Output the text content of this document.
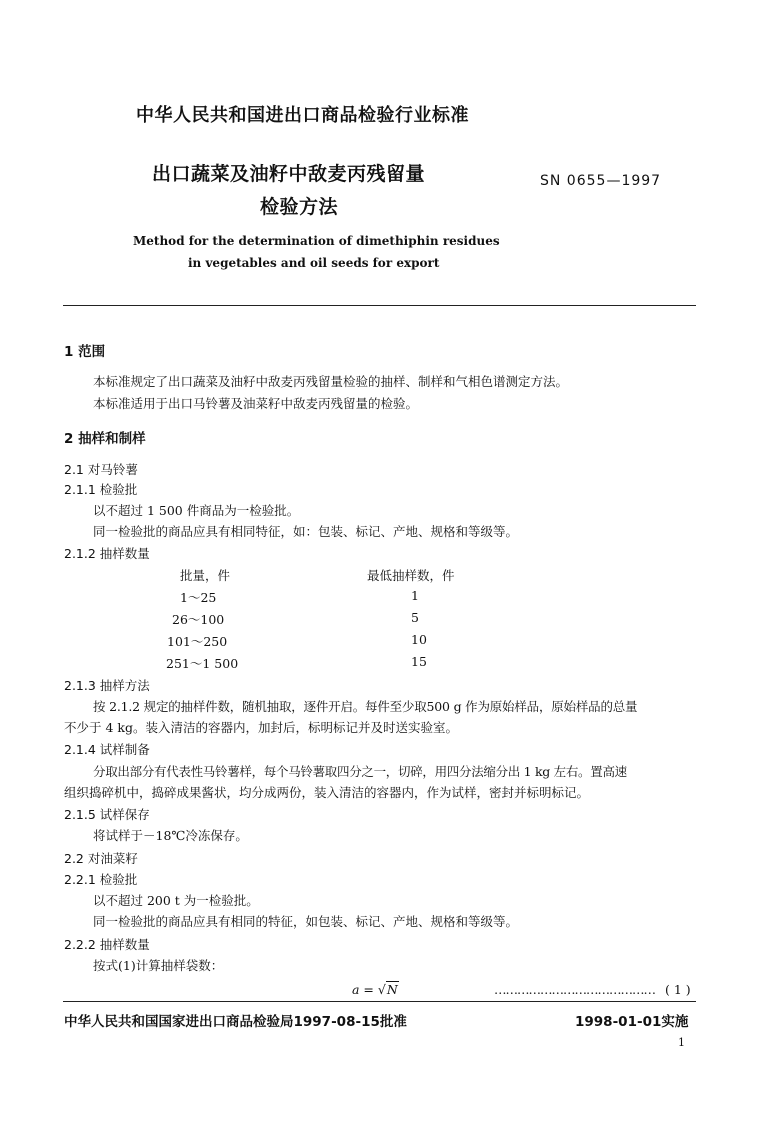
中华人民共和国进出口商品检验行业标准
出口蔬菜及油籽中敌麦丙残留量
检验方法
SN 0655—1997
Method for the determination of dimethiphin residues
in vegetables and oil seeds for export
1 范围
本标准规定了出口蔬菜及油籽中敌麦丙残留量检验的抽样、制样和气相色谱测定方法。
本标准适用于出口马铃薯及油菜籽中敌麦丙残留量的检验。
2 抽样和制样
2.1 对马铃薯
2.1.1 检验批
以不超过 1 500 件商品为一检验批。
同一检验批的商品应具有相同特征，如：包装、标记、产地、规格和等级等。
2.1.2 抽样数量
批量，件	最低抽样数，件
1～25	1
26～100	5
101～250	10
251～1 500	15
2.1.3 抽样方法
按 2.1.2 规定的抽样件数，随机抽取，逐件开启。每件至少取500 g 作为原始样品，原始样品的总量
不少于 4 kg。装入清洁的容器内，加封后，标明标记并及时送实验室。
2.1.4 试样制备
分取出部分有代表性马铃薯样，每个马铃薯取四分之一，切碎，用四分法缩分出 1 kg 左右。置高速
组织捣碎机中，捣碎成果酱状，均分成两份，装入清洁的容器内，作为试样，密封并标明标记。
2.1.5 试样保存
将试样于－18℃冷冻保存。
2.2 对油菜籽
2.2.1 检验批
以不超过 200 t 为一检验批。
同一检验批的商品应具有相同的特征，如包装、标记、产地、规格和等级等。
2.2.2 抽样数量
按式(1)计算抽样袋数：
a = √N	…………………………………… ( 1 )
中华人民共和国国家进出口商品检验局1997-08-15批准	1998-01-01实施
1
